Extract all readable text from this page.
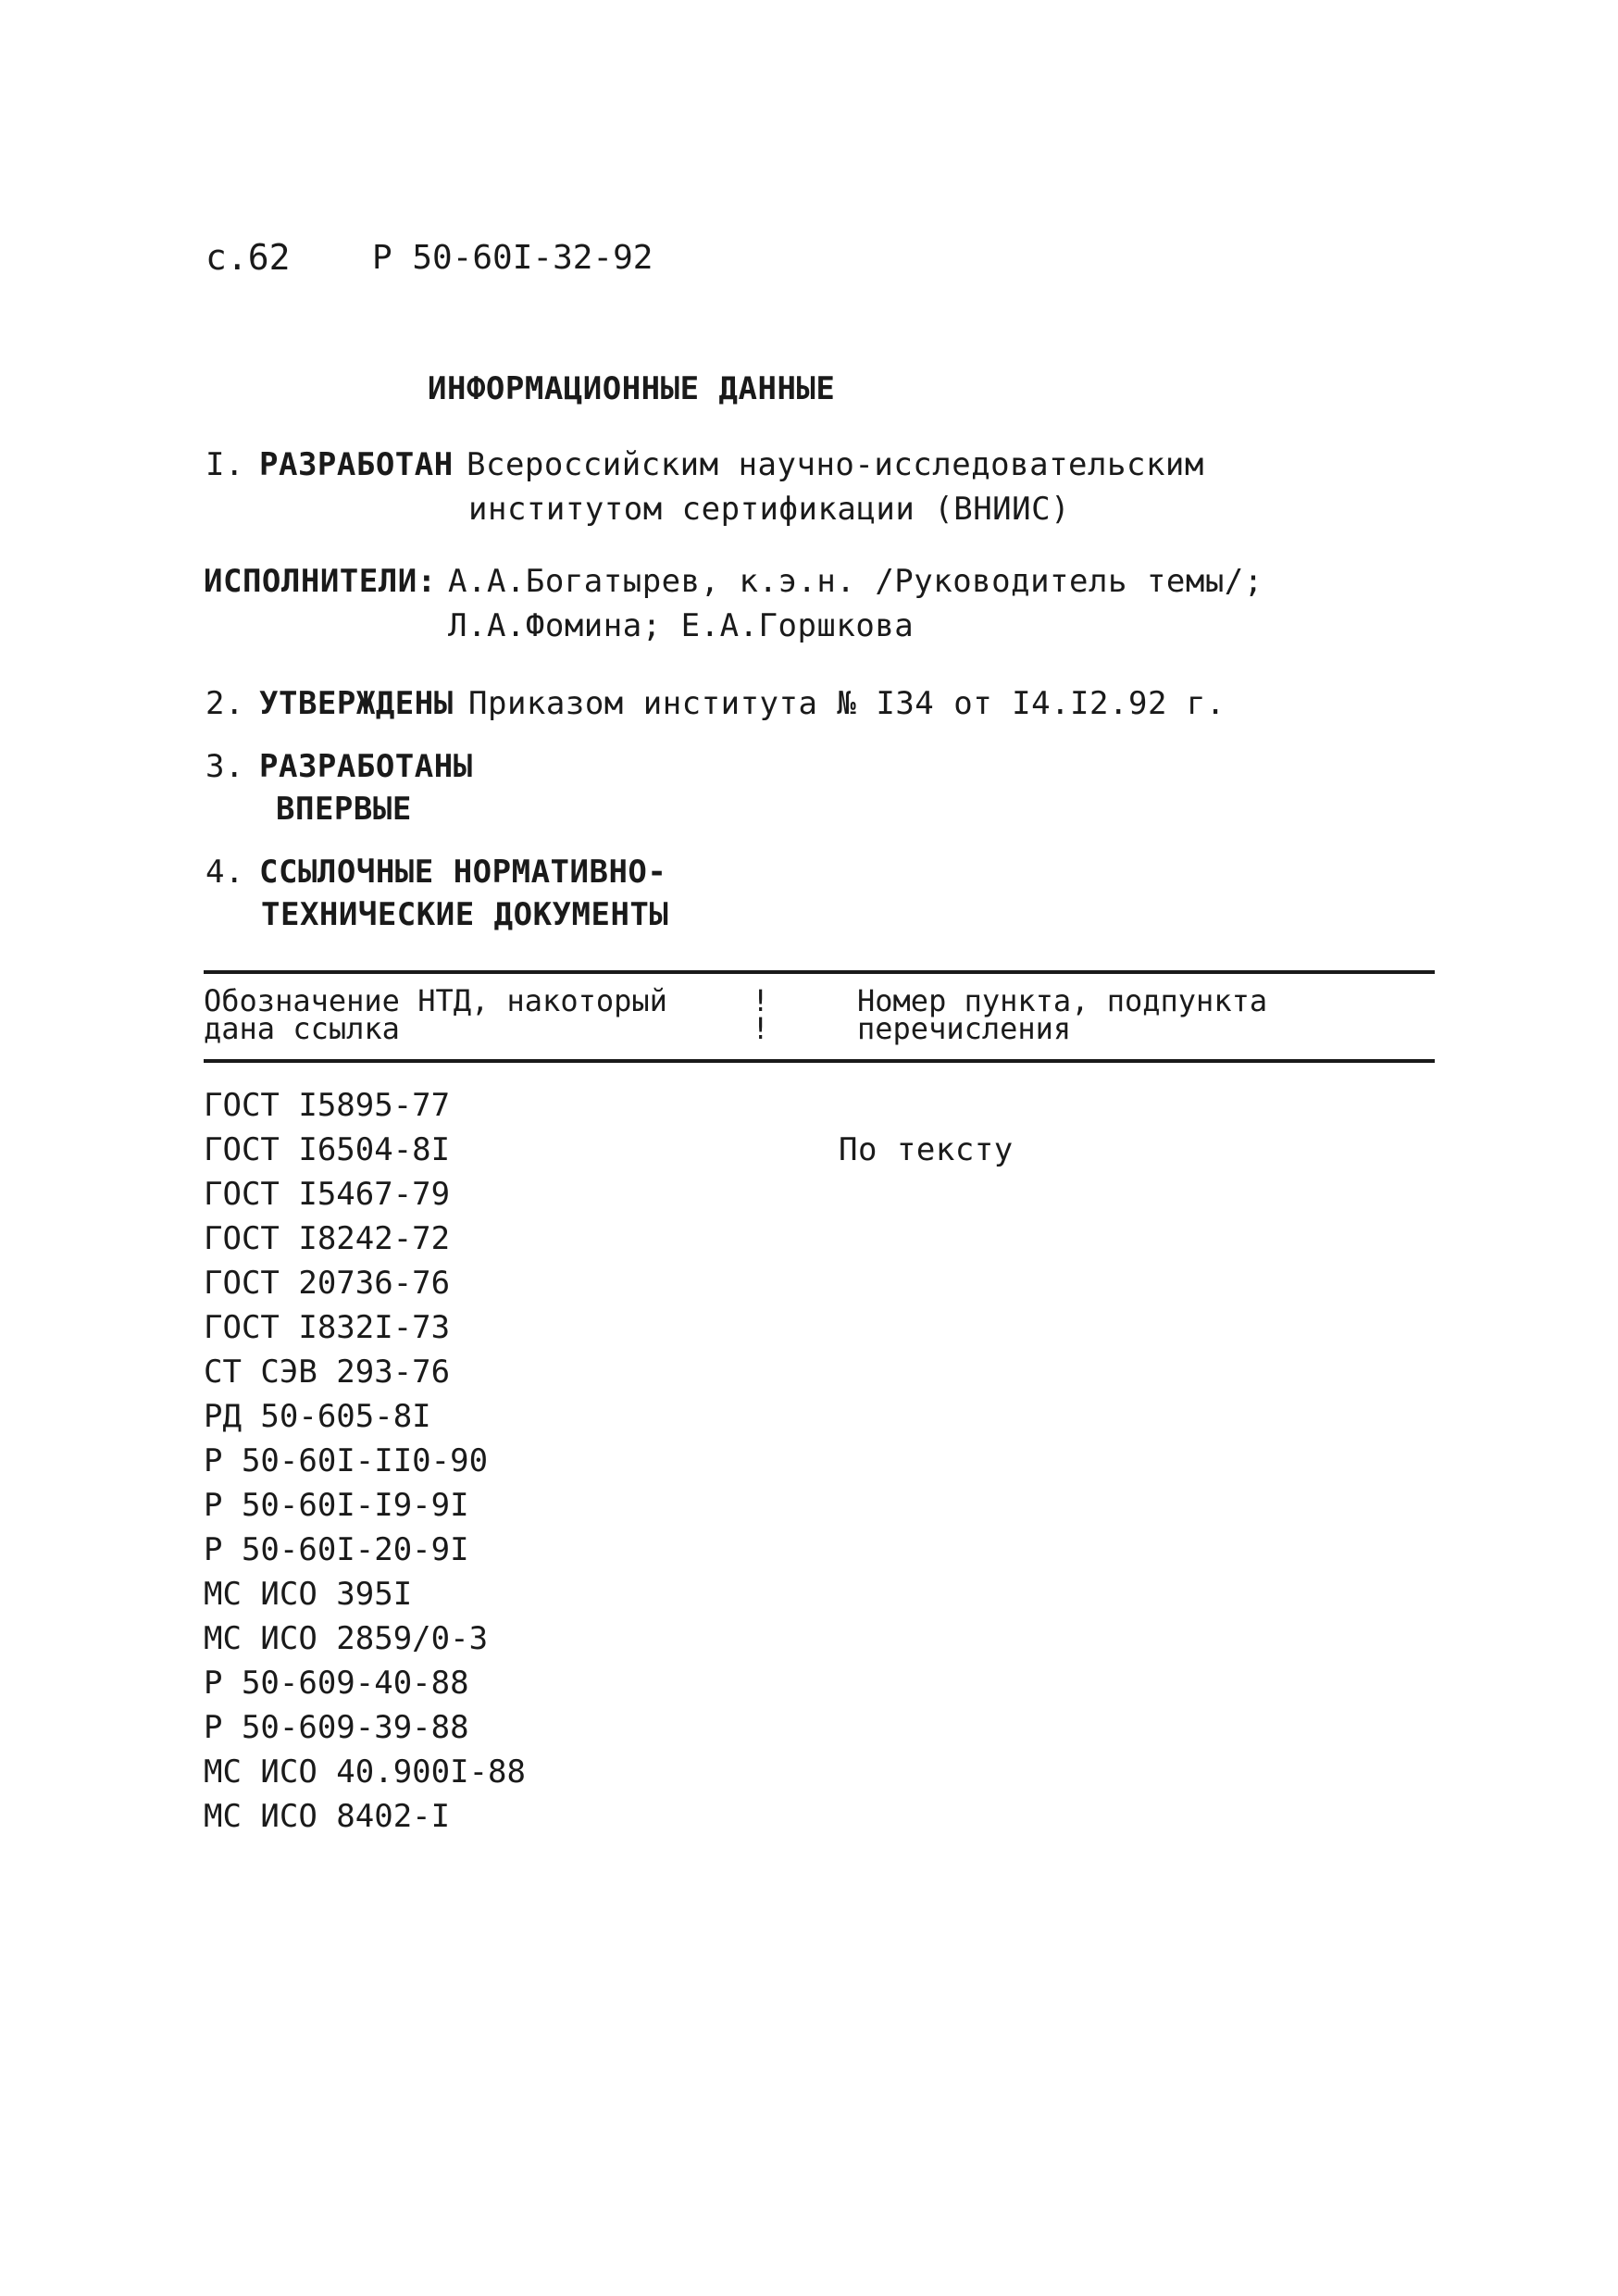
с.62 Р 50-60I-32-92
ИНФОРМАЦИОННЫЕ ДАННЫЕ
I. РАЗРАБОТАН Всероссийским научно-исследовательским
институтом сертификации (ВНИИС)
ИСПОЛНИТЕЛИ: А.А.Богатырев, к.э.н. /Руководитель темы/;
Л.А.Фомина; Е.А.Горшкова
2. УТВЕРЖДЕНЫ Приказом института № I34 от I4.I2.92 г.
3. РАЗРАБОТАНЫ
ВПЕРВЫЕ
4. ССЫЛОЧНЫЕ НОРМАТИВНО-
ТЕХНИЧЕСКИЕ ДОКУМЕНТЫ
Обозначение НТД, накоторый
дана ссылка
!
!
Номер пункта, подпункта
перечисления
ГОСТ I5895-77
ГОСТ I6504-8I
ГОСТ I5467-79
ГОСТ I8242-72
ГОСТ 20736-76
ГОСТ I832I-73
СТ СЭВ 293-76
РД 50-605-8I
Р 50-60I-II0-90
Р 50-60I-I9-9I
Р 50-60I-20-9I
МС ИСО 395I
МС ИСО 2859/0-3
Р 50-609-40-88
Р 50-609-39-88
МС ИСО 40.900I-88
МС ИСО 8402-I
По тексту
